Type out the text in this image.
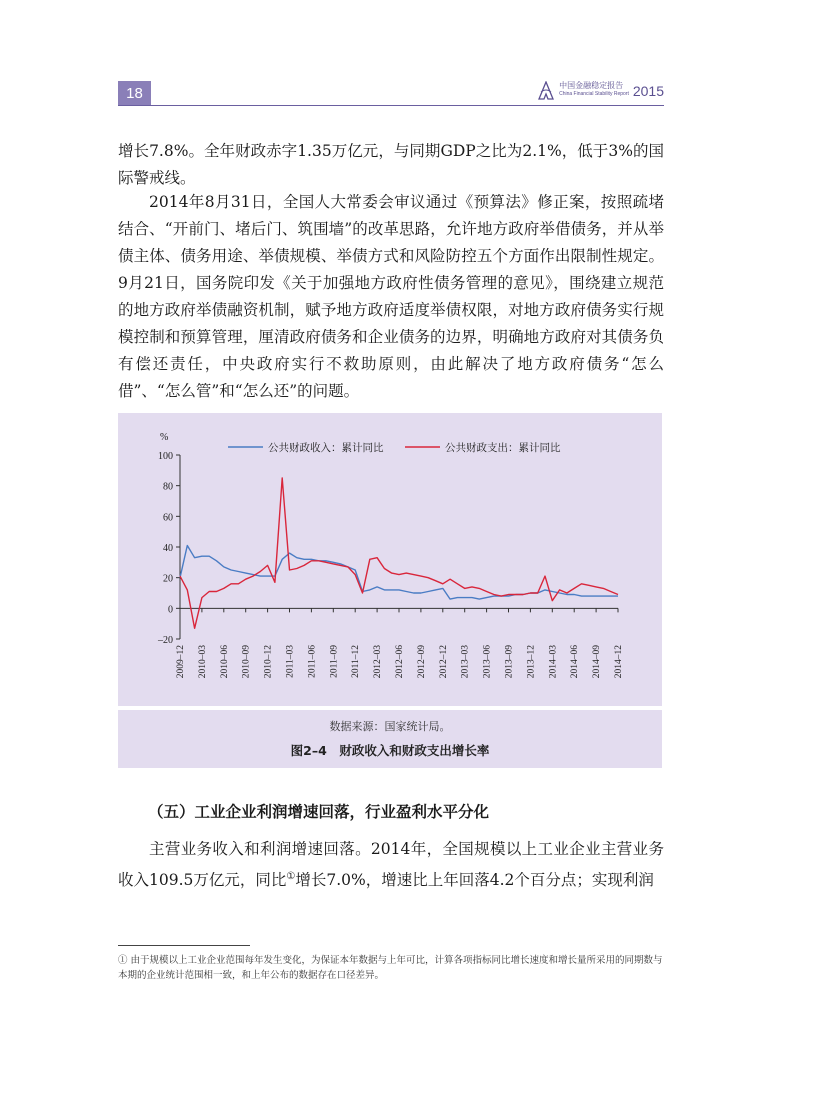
18	中国金融稳定报告
China Financial Stability Report 2015

增长7.8%。全年财政赤字1.35万亿元，与同期GDP之比为2.1%，低于3%的国际警戒线。

2014年8月31日，全国人大常委会审议通过《预算法》修正案，按照疏堵结合、“开前门、堵后门、筑围墙”的改革思路，允许地方政府举借债务，并从举债主体、债务用途、举债规模、举债方式和风险防控五个方面作出限制性规定。9月21日，国务院印发《关于加强地方政府性债务管理的意见》，围绕建立规范的地方政府举债融资机制，赋予地方政府适度举债权限，对地方政府债务实行规模控制和预算管理，厘清政府债务和企业债务的边界，明确地方政府对其债务负有偿还责任，中央政府实行不救助原则，由此解决了地方政府债务“怎么借”、“怎么管”和“怎么还”的问题。

–20
0
20
40
60
80
100
%
2009–12 2010–03 2010–06 2010–09 2010–12 2011–03 2011–06 2011–09 2011–12 2012–03 2012–06 2012–09 2012–12 2013–03 2013–06 2013–09 2013–12 2014–03 2014–06 2014–09 2014–12
公共财政收入：累计同比	公共财政支出：累计同比
数据来源：国家统计局。
图2–4　财政收入和财政支出增长率
（五）工业企业利润增速回落，行业盈利水平分化

主营业务收入和利润增速回落。2014年，全国规模以上工业企业主营业务收入109.5万亿元，同比①增长7.0%，增速比上年回落4.2个百分点；实现利润

① 由于规模以上工业企业范围每年发生变化，为保证本年数据与上年可比，计算各项指标同比增长速度和增长量所采用的同期数与本期的企业统计范围相一致，和上年公布的数据存在口径差异。
